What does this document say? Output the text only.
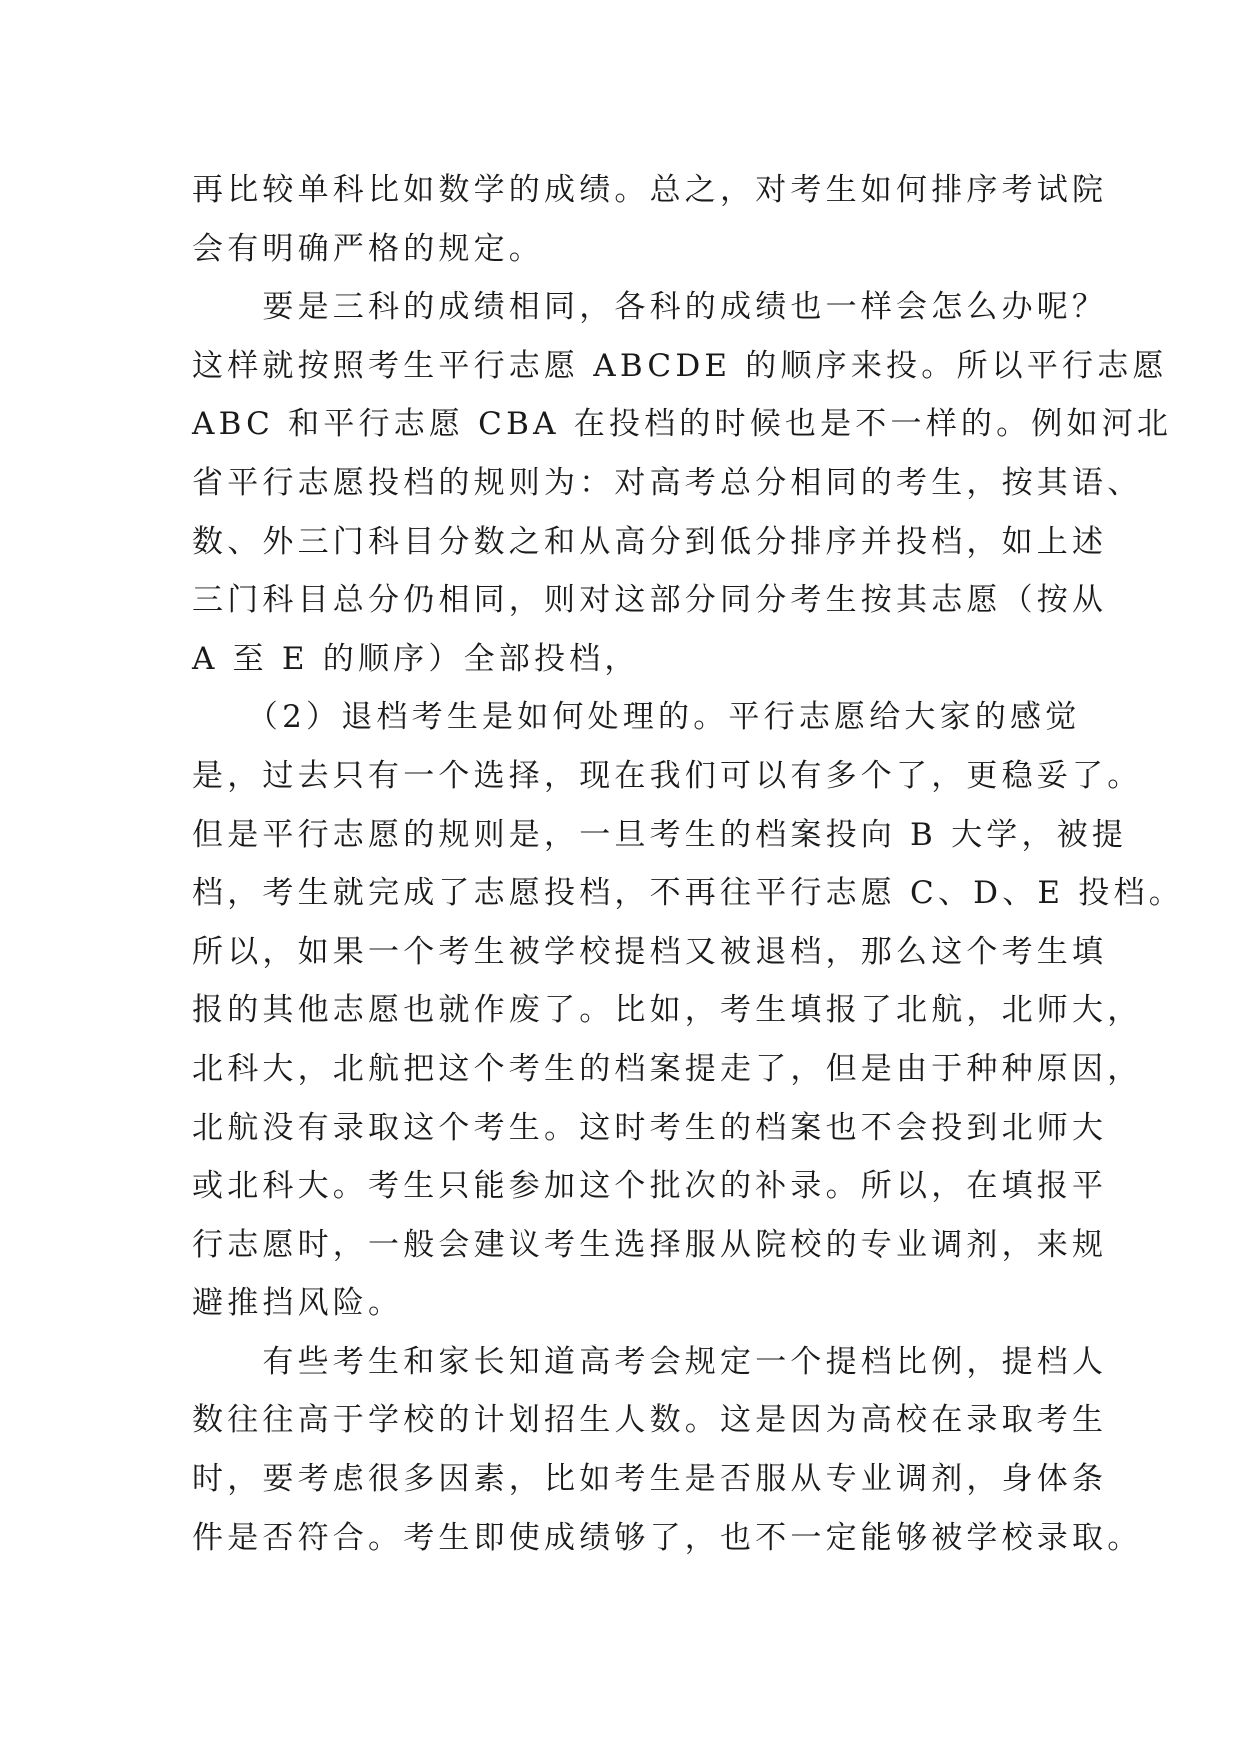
再比较单科比如数学的成绩。总之，对考生如何排序考试院
会有明确严格的规定。
　　要是三科的成绩相同，各科的成绩也一样会怎么办呢？
这样就按照考生平行志愿 ABCDE 的顺序来投。所以平行志愿
ABC 和平行志愿 CBA 在投档的时候也是不一样的。例如河北
省平行志愿投档的规则为：对高考总分相同的考生，按其语、
数、外三门科目分数之和从高分到低分排序并投档，如上述
三门科目总分仍相同，则对这部分同分考生按其志愿（按从
A 至 E 的顺序）全部投档，
　　（2）退档考生是如何处理的。平行志愿给大家的感觉
是，过去只有一个选择，现在我们可以有多个了，更稳妥了。
但是平行志愿的规则是，一旦考生的档案投向 B 大学，被提
档，考生就完成了志愿投档，不再往平行志愿 C、D、E 投档。
所以，如果一个考生被学校提档又被退档，那么这个考生填
报的其他志愿也就作废了。比如，考生填报了北航，北师大，
北科大，北航把这个考生的档案提走了，但是由于种种原因，
北航没有录取这个考生。这时考生的档案也不会投到北师大
或北科大。考生只能参加这个批次的补录。所以，在填报平
行志愿时，一般会建议考生选择服从院校的专业调剂，来规
避推挡风险。
　　有些考生和家长知道高考会规定一个提档比例，提档人
数往往高于学校的计划招生人数。这是因为高校在录取考生
时，要考虑很多因素，比如考生是否服从专业调剂，身体条
件是否符合。考生即使成绩够了，也不一定能够被学校录取。
